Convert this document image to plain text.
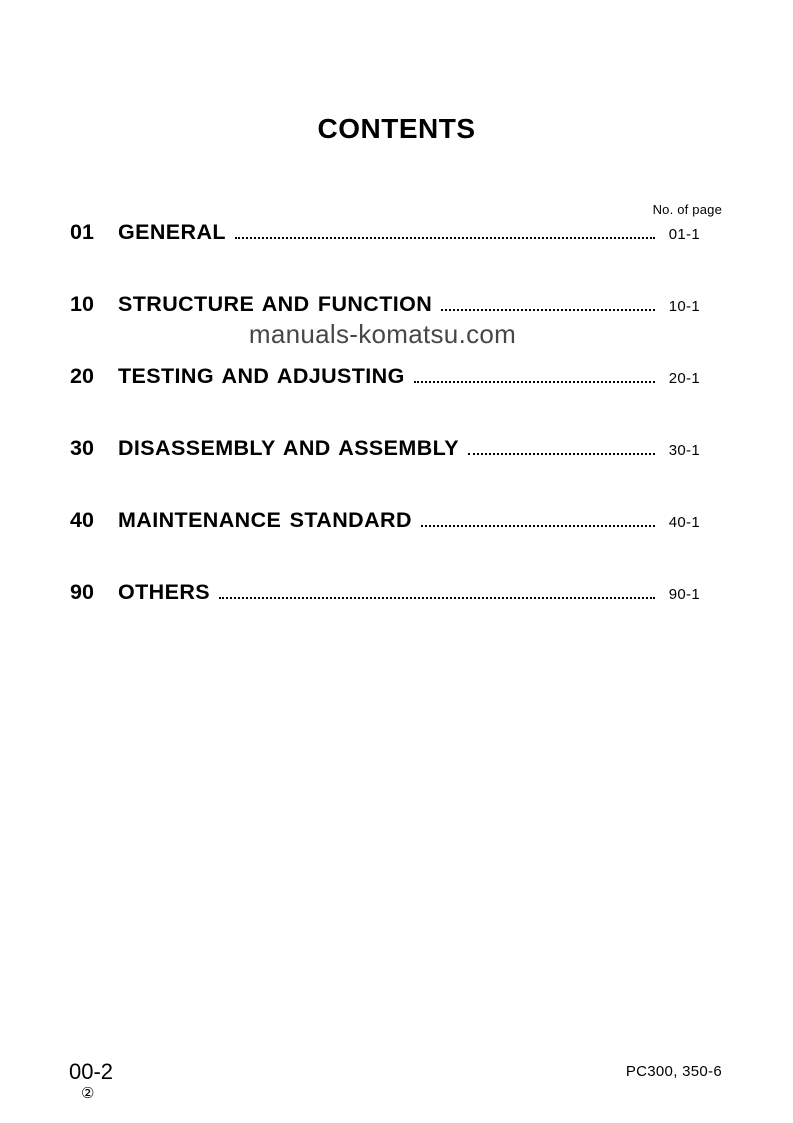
CONTENTS
No. of page
01	GENERAL	01-1
10	STRUCTURE AND FUNCTION	10-1
20	TESTING AND ADJUSTING	20-1
30	DISASSEMBLY AND ASSEMBLY	30-1
40	MAINTENANCE STANDARD	40-1
90	OTHERS	90-1
manuals-komatsu.com
00-2
②
PC300, 350-6
